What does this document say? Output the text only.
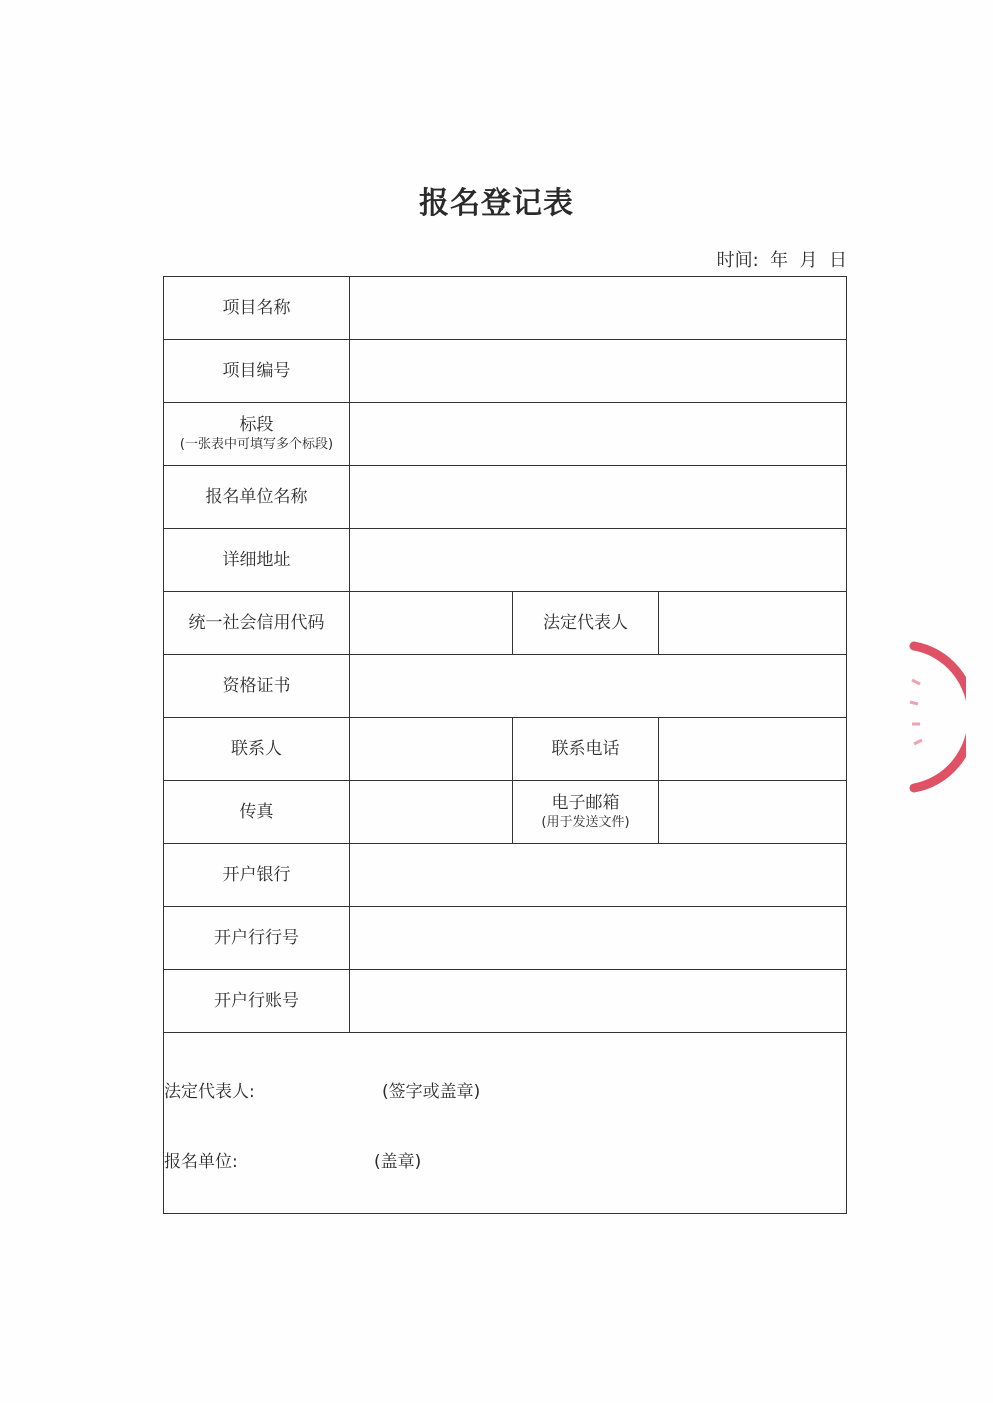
报名登记表
时间:  年  月  日
项目名称			

项目编号			

标段
(一张表中可填写多个标段)			

报名单位名称			

详细地址			

统一社会信用代码		法定代表人	

资格证书			

联系人		联系电话	

传真		电子邮箱
(用于发送文件)	

开户银行			

开户行行号			

开户行账号			

法定代表人: (签字或盖章)
报名单位: (盖章)			
